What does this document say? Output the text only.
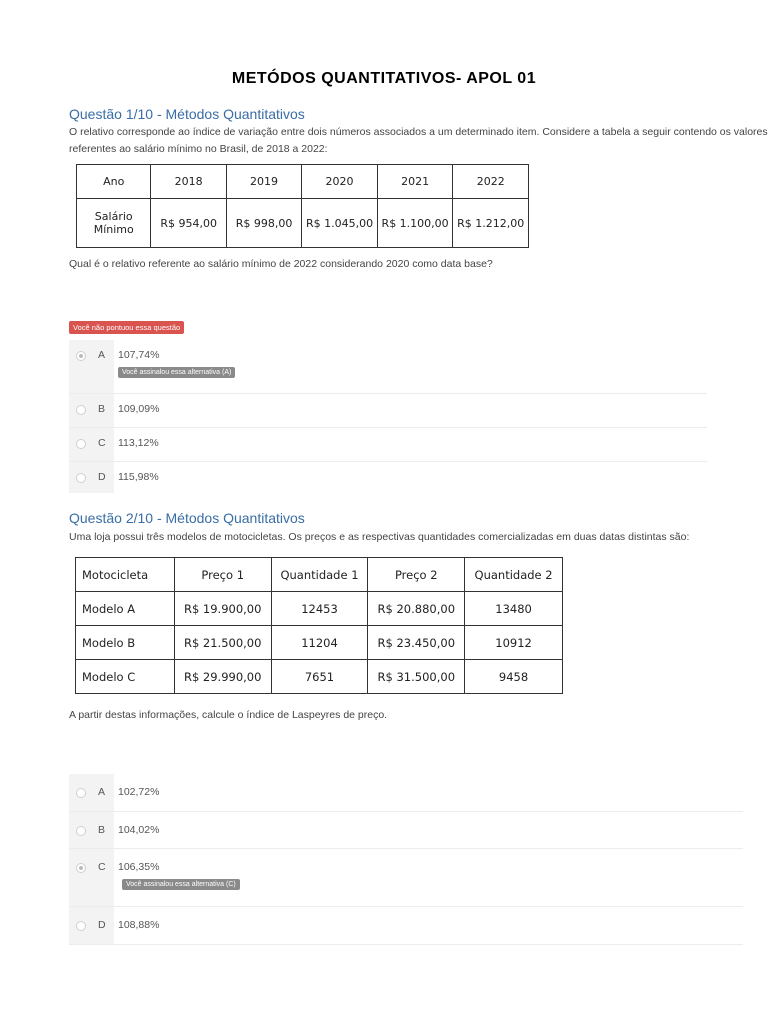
METÓDOS QUANTITATIVOS- APOL 01
Questão 1/10 - Métodos Quantitativos
O relativo corresponde ao índice de variação entre dois números associados a um determinado item. Considere a tabela a seguir contendo os valores
referentes ao salário mínimo no Brasil, de 2018 a 2022:
Ano	2018	2019	2020	2021	2022
Salário
Mínimo	R$ 954,00	R$ 998,00	R$ 1.045,00	R$ 1.100,00	R$ 1.212,00
Qual é o relativo referente ao salário mínimo de 2022 considerando 2020 como data base?
Você não pontuou essa questão
A 107,74%
Você assinalou essa alternativa (A)
B 109,09%
C 113,12%
D 115,98%
Questão 2/10 - Métodos Quantitativos
Uma loja possui três modelos de motocicletas. Os preços e as respectivas quantidades comercializadas em duas datas distintas são:
Motocicleta	Preço 1	Quantidade 1	Preço 2	Quantidade 2
Modelo A	R$ 19.900,00	12453	R$ 20.880,00	13480
Modelo B	R$ 21.500,00	11204	R$ 23.450,00	10912
Modelo C	R$ 29.990,00	7651	R$ 31.500,00	9458
A partir destas informações, calcule o índice de Laspeyres de preço.
A 102,72%
B 104,02%
C 106,35%
Você assinalou essa alternativa (C)
D 108,88%
